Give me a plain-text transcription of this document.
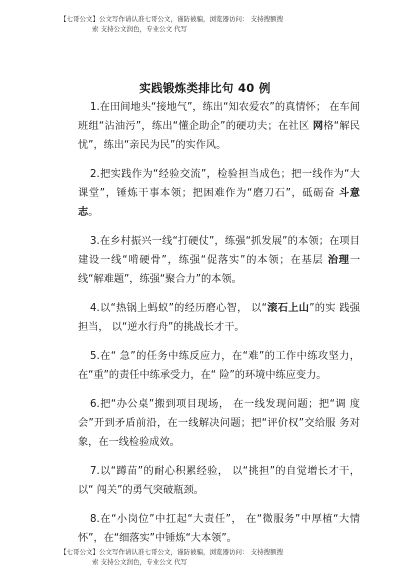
【七哥公文】公文写作请认准七哥公文，谨防被骗，浏览器访问： 支持搜额搜
索 支持公文润色，专业公文 代写
实践锻炼类排比句 40 例

1.在田间地头“接地气”，练出“知农爱农”的真情怀； 在车间班组“沾油污”，练出“懂企助企”的硬功夫；在社区 网格“解民忧”，练出“亲民为民”的实作风。

2.把实践作为“经验交流”，检验担当成色；把一线作为“大课堂”，锤炼干事本领；把困难作为“磨刀石”，砥砺奋 斗意志。

3.在乡村振兴一线“打硬仗”，练强“抓发展”的本领；在项目建设一线“啃硬骨”，练强“促落实”的本领；在基层 治理一线“解难题”，练强“聚合力”的本领。

4.以“热锅上蚂蚁”的经历磨心智， 以“滚石上山”的实 践强担当， 以“逆水行舟”的挑战长才干。

5.在“ 急”的任务中练反应力，在“难”的工作中练攻坚力，在“重”的责任中练承受力，在“ 险”的环境中练应变力。

6.把“办公桌”搬到项目现场， 在一线发现问题；把“调 度会”开到矛盾前沿，在一线解决问题；把“评价权”交给服 务对象，在一线检验成效。

7.以“蹲苗”的耐心积累经验， 以“挑担”的自觉增长才干， 以“ 闯关”的勇气突破瓶颈。

8.在“小岗位”中扛起“大责任”， 在“微服务”中厚植“大情怀”，在“细落实”中锤炼“大本领”。

【七哥公文】公文写作请认准七哥公文，谨防被骗，浏览器访问： 支持搜额搜
索 支持公文润色，专业公文 代写
